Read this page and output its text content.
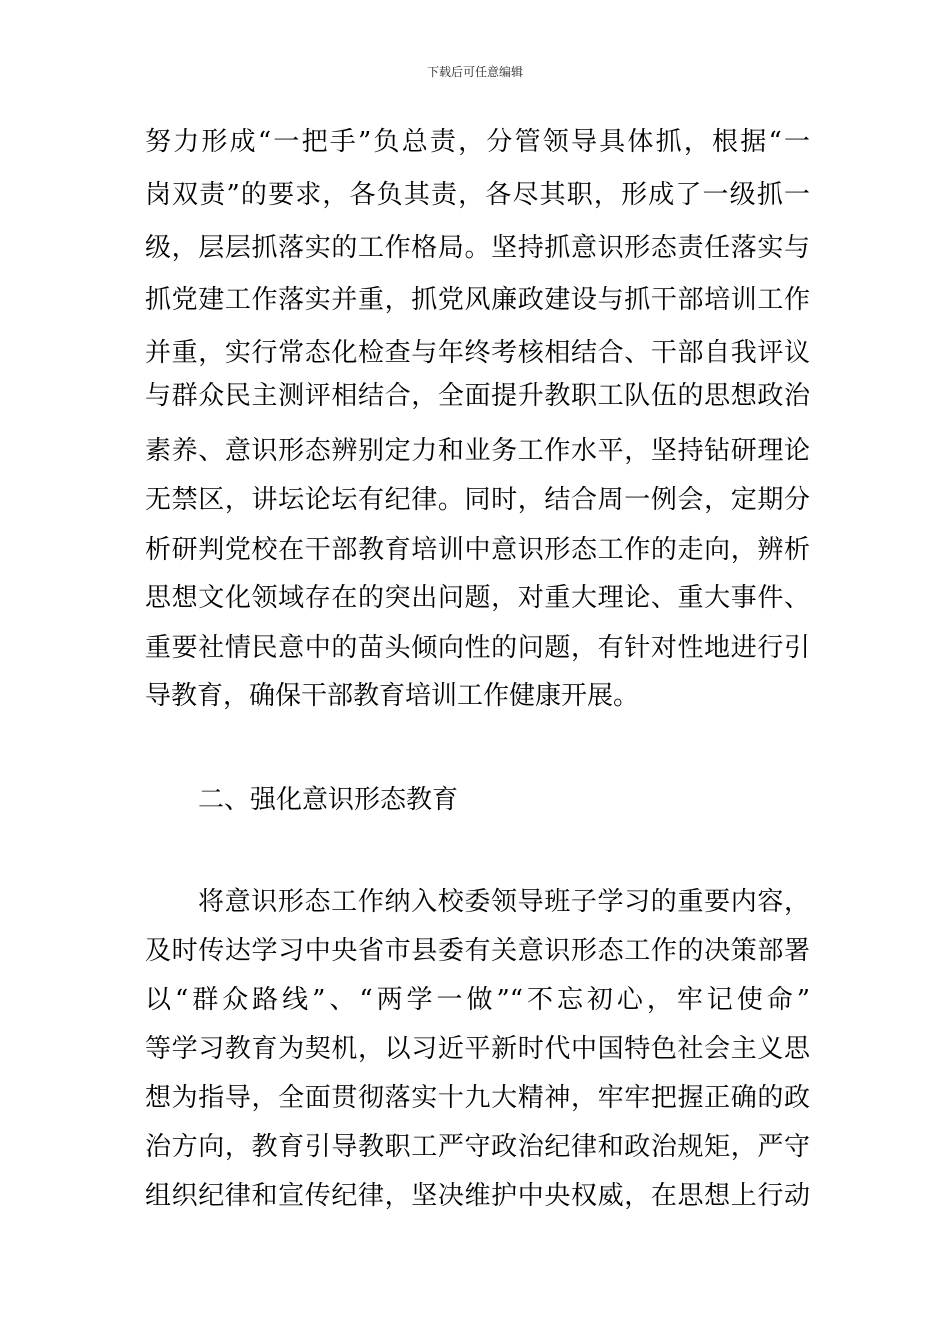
下载后可任意编辑
努力形成“一把手”负总责，分管领导具体抓，根据“一
岗双责”的要求，各负其责，各尽其职，形成了一级抓一
级，层层抓落实的工作格局。坚持抓意识形态责任落实与
抓党建工作落实并重，抓党风廉政建设与抓干部培训工作
并重，实行常态化检查与年终考核相结合、干部自我评议
与群众民主测评相结合，全面提升教职工队伍的思想政治
素养、意识形态辨别定力和业务工作水平，坚持钻研理论
无禁区，讲坛论坛有纪律。同时，结合周一例会，定期分
析研判党校在干部教育培训中意识形态工作的走向，辨析
思想文化领域存在的突出问题，对重大理论、重大事件、
重要社情民意中的苗头倾向性的问题，有针对性地进行引
导教育，确保干部教育培训工作健康开展。
二、强化意识形态教育
将意识形态工作纳入校委领导班子学习的重要内容，
及时传达学习中央省市县委有关意识形态工作的决策部署
以“群众路线”、“两学一做”“不忘初心，牢记使命”
等学习教育为契机，以习近平新时代中国特色社会主义思
想为指导，全面贯彻落实十九大精神，牢牢把握正确的政
治方向，教育引导教职工严守政治纪律和政治规矩，严守
组织纪律和宣传纪律，坚决维护中央权威，在思想上行动
